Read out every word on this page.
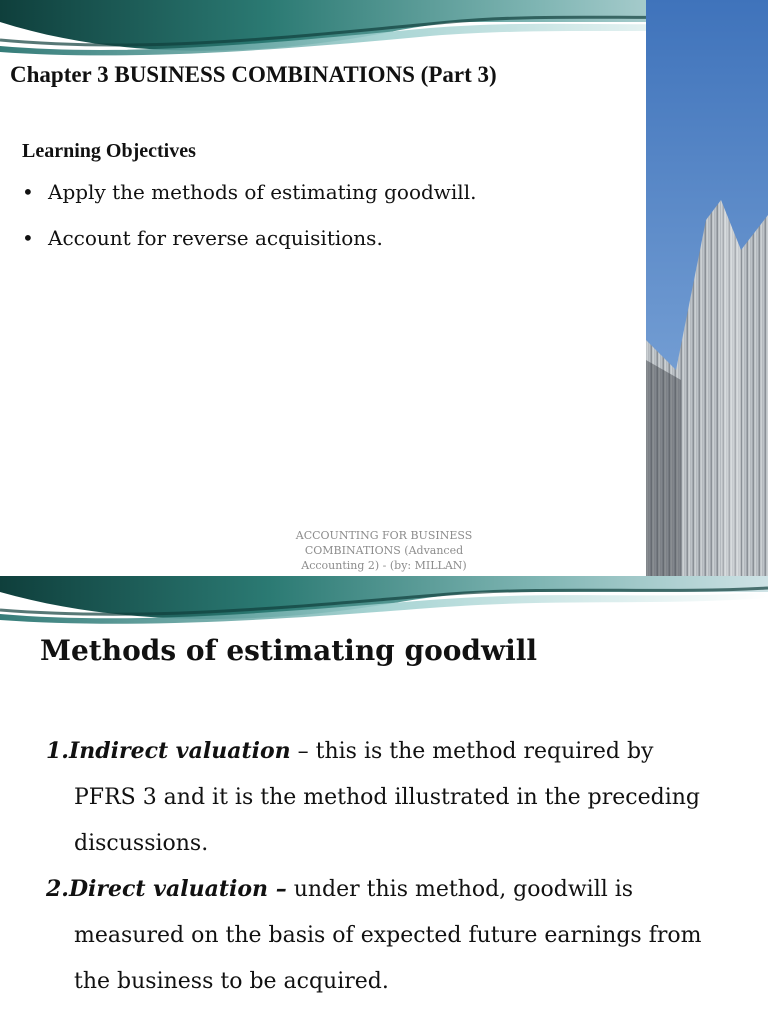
Chapter 3 BUSINESS COMBINATIONS (Part 3)
Learning Objectives
• Apply the methods of estimating goodwill.
• Account for reverse acquisitions.
ACCOUNTING FOR BUSINESS
COMBINATIONS (Advanced
Accounting 2) - (by: MILLAN)
Methods of estimating goodwill
1.Indirect valuation – this is the method required by
PFRS 3 and it is the method illustrated in the preceding
discussions.
2.Direct valuation – under this method, goodwill is
measured on the basis of expected future earnings from
the business to be acquired.
